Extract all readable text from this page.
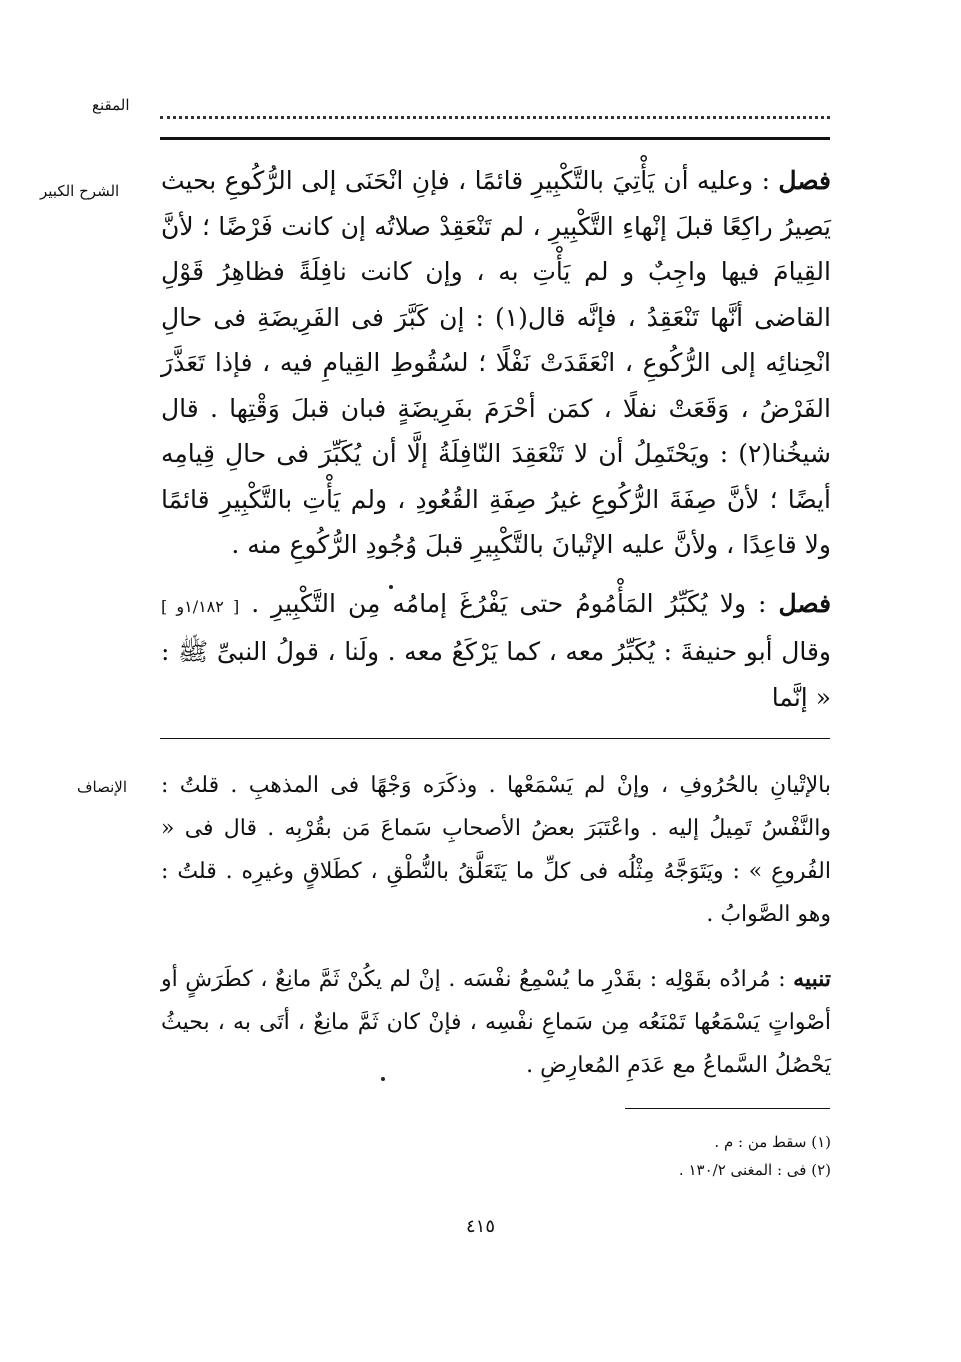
المقنع
الشرح الكبير
الإنصاف

فصل : وعليه أن يَأْتِيَ بالتَّكْبِيرِ قائمًا ، فإنِ انْحَنَى إلى الرُّكُوعِ بحيث يَصِيرُ راكِعًا قبلَ إنْهاءِ التَّكْبِيرِ ، لم تَنْعَقِدْ صلاتُه إن كانت فَرْضًا ؛ لأنَّ القِيامَ فيها واجِبٌ و لم يَأْتِ به ، وإن كانت نافِلَةً فظاهِرُ قَوْلِ القاضى أنَّها تَنْعَقِدُ ، فإنَّه قال(١) : إن كَبَّرَ فى الفَرِيضَةِ فى حالِ انْحِنائِه إلى الرُّكُوعِ ، انْعَقَدَتْ نَفْلًا ؛ لسُقُوطِ القِيامِ فيه ، فإذا تَعَذَّرَ الفَرْضُ ، وَقَعَتْ نفلًا ، كمَن أحْرَمَ بفَرِيضَةٍ فبان قبلَ وَقْتِها . قال شيخُنا(٢) : ويَحْتَمِلُ أن لا تَنْعَقِدَ النّافِلَةُ إلَّا أن يُكَبِّرَ فى حالِ قِيامِه أيضًا ؛ لأنَّ صِفَةَ الرُّكُوعِ غيرُ صِفَةِ القُعُودِ ، ولم يَأْتِ بالتَّكْبِيرِ قائمًا ولا قاعِدًا ، ولأنَّ عليه الإتْيانَ بالتَّكْبِيرِ قبلَ وُجُودِ الرُّكُوعِ منه .

فصل : ولا يُكَبِّرُ المَأْمُومُ حتى يَفْرُغَ إمامُه مِن التَّكْبِيرِ . [ ١/١٨٢و ] وقال أبو حنيفةَ : يُكَبِّرُ معه ، كما يَرْكَعُ معه . ولَنا ، قولُ النبىِّ ﷺ : « إنَّما

بالإتْيانِ بالحُرُوفِ ، وإنْ لم يَسْمَعْها . وذكَرَه وَجْهًا فى المذهبِ . قلتُ : والنَّفْسُ تَمِيلُ إليه . واعْتَبَرَ بعضُ الأصحابِ سَماعَ مَن بقُرْبِه . قال فى « الفُروعِ » : ويَتَوَجَّهُ مِثْلُه فى كلِّ ما يَتَعَلَّقُ بالنُّطْقِ ، كطَلاقٍ وغيرِه . قلتُ : وهو الصَّوابُ .

تنبيه : مُرادُه بقَوْلِه : بقَدْرِ ما يُسْمِعُ نفْسَه . إنْ لم يكُنْ ثَمَّ مانِعٌ ، كطَرَشٍ أو أصْواتٍ يَسْمَعُها تَمْنَعُه مِن سَماعِ نفْسِه ، فإنْ كان ثَمَّ مانِعٌ ، أتَى به ، بحيثُ يَحْصُلُ السَّماعُ مع عَدَمِ المُعارِضِ .

(١) سقط من : م .
(٢) فى : المغنى ١٣٠/٢ .
٤١٥
